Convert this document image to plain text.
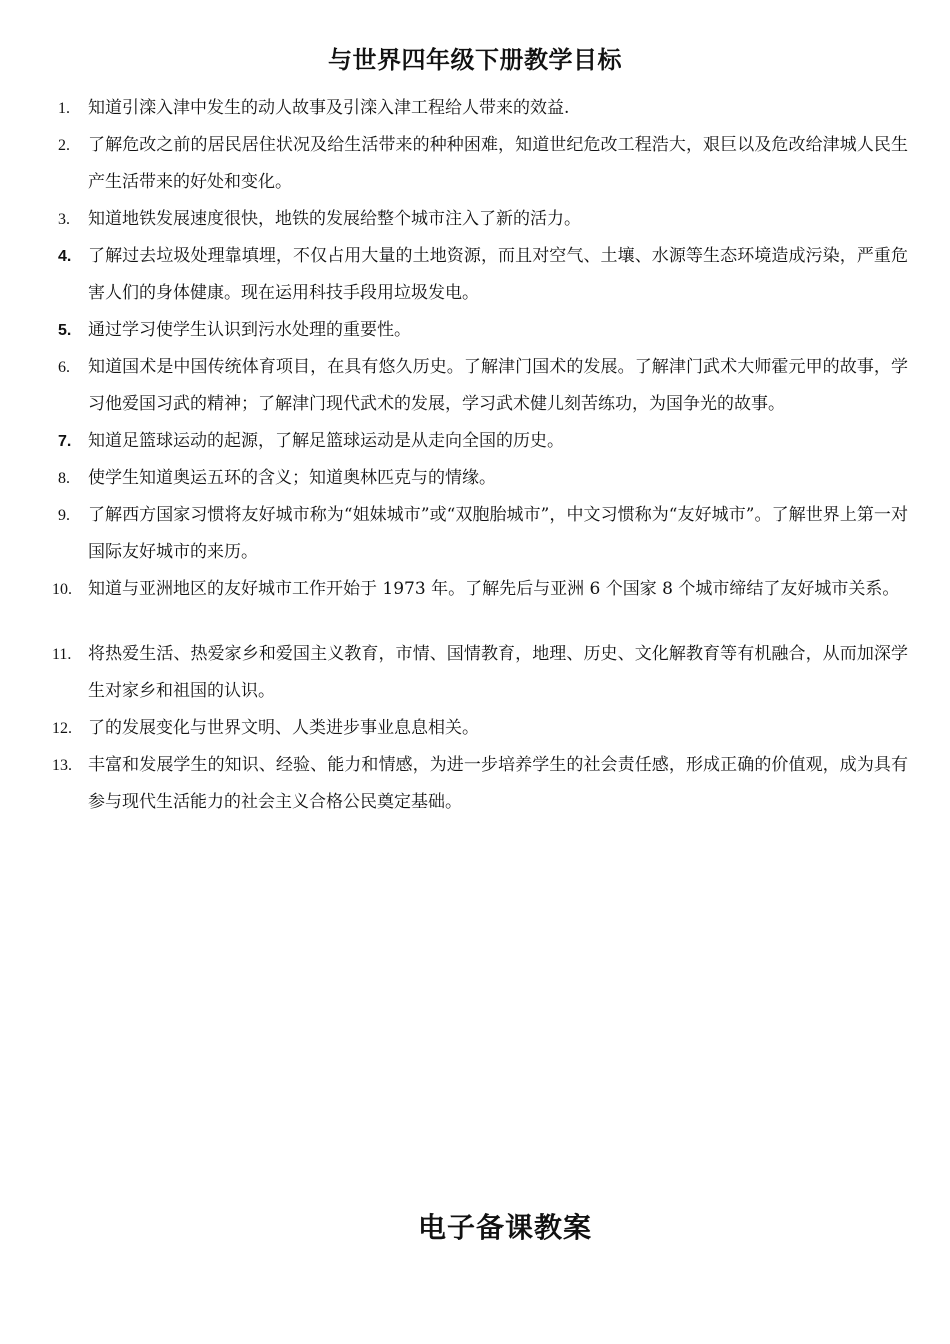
与世界四年级下册教学目标
1.	知道引滦入津中发生的动人故事及引滦入津工程给人带来的效益.
2.	了解危改之前的居民居住状况及给生活带来的种种困难，知道世纪危改工程浩大，艰巨以及危改给津城人民生产生活带来的好处和变化。
3.	知道地铁发展速度很快，地铁的发展给整个城市注入了新的活力。
4. 了解过去垃圾处理靠填埋，不仅占用大量的土地资源，而且对空气、土壤、水源等生态环境造成污染，严重危害人们的身体健康。现在运用科技手段用垃圾发电。
5. 通过学习使学生认识到污水处理的重要性。
6.	知道国术是中国传统体育项目，在具有悠久历史。了解津门国术的发展。了解津门武术大师霍元甲的故事，学习他爱国习武的精神；了解津门现代武术的发展，学习武术健儿刻苦练功，为国争光的故事。
7. 知道足篮球运动的起源，了解足篮球运动是从走向全国的历史。
8.	使学生知道奥运五环的含义；知道奥林匹克与的情缘。
9.	了解西方国家习惯将友好城市称为“姐妹城市”或“双胞胎城市”，中文习惯称为“友好城市”。了解世界上第一对国际友好城市的来历。
10. 知道与亚洲地区的友好城市工作开始于 1973 年。了解先后与亚洲 6 个国家 8 个城市缔结了友好城市关系。
11. 将热爱生活、热爱家乡和爱国主义教育，市情、国情教育，地理、历史、文化解教育等有机融合，从而加深学生对家乡和祖国的认识。
12. 了的发展变化与世界文明、人类进步事业息息相关。
13. 丰富和发展学生的知识、经验、能力和情感，为进一步培养学生的社会责任感，形成正确的价值观，成为具有参与现代生活能力的社会主义合格公民奠定基础。
电子备课教案
